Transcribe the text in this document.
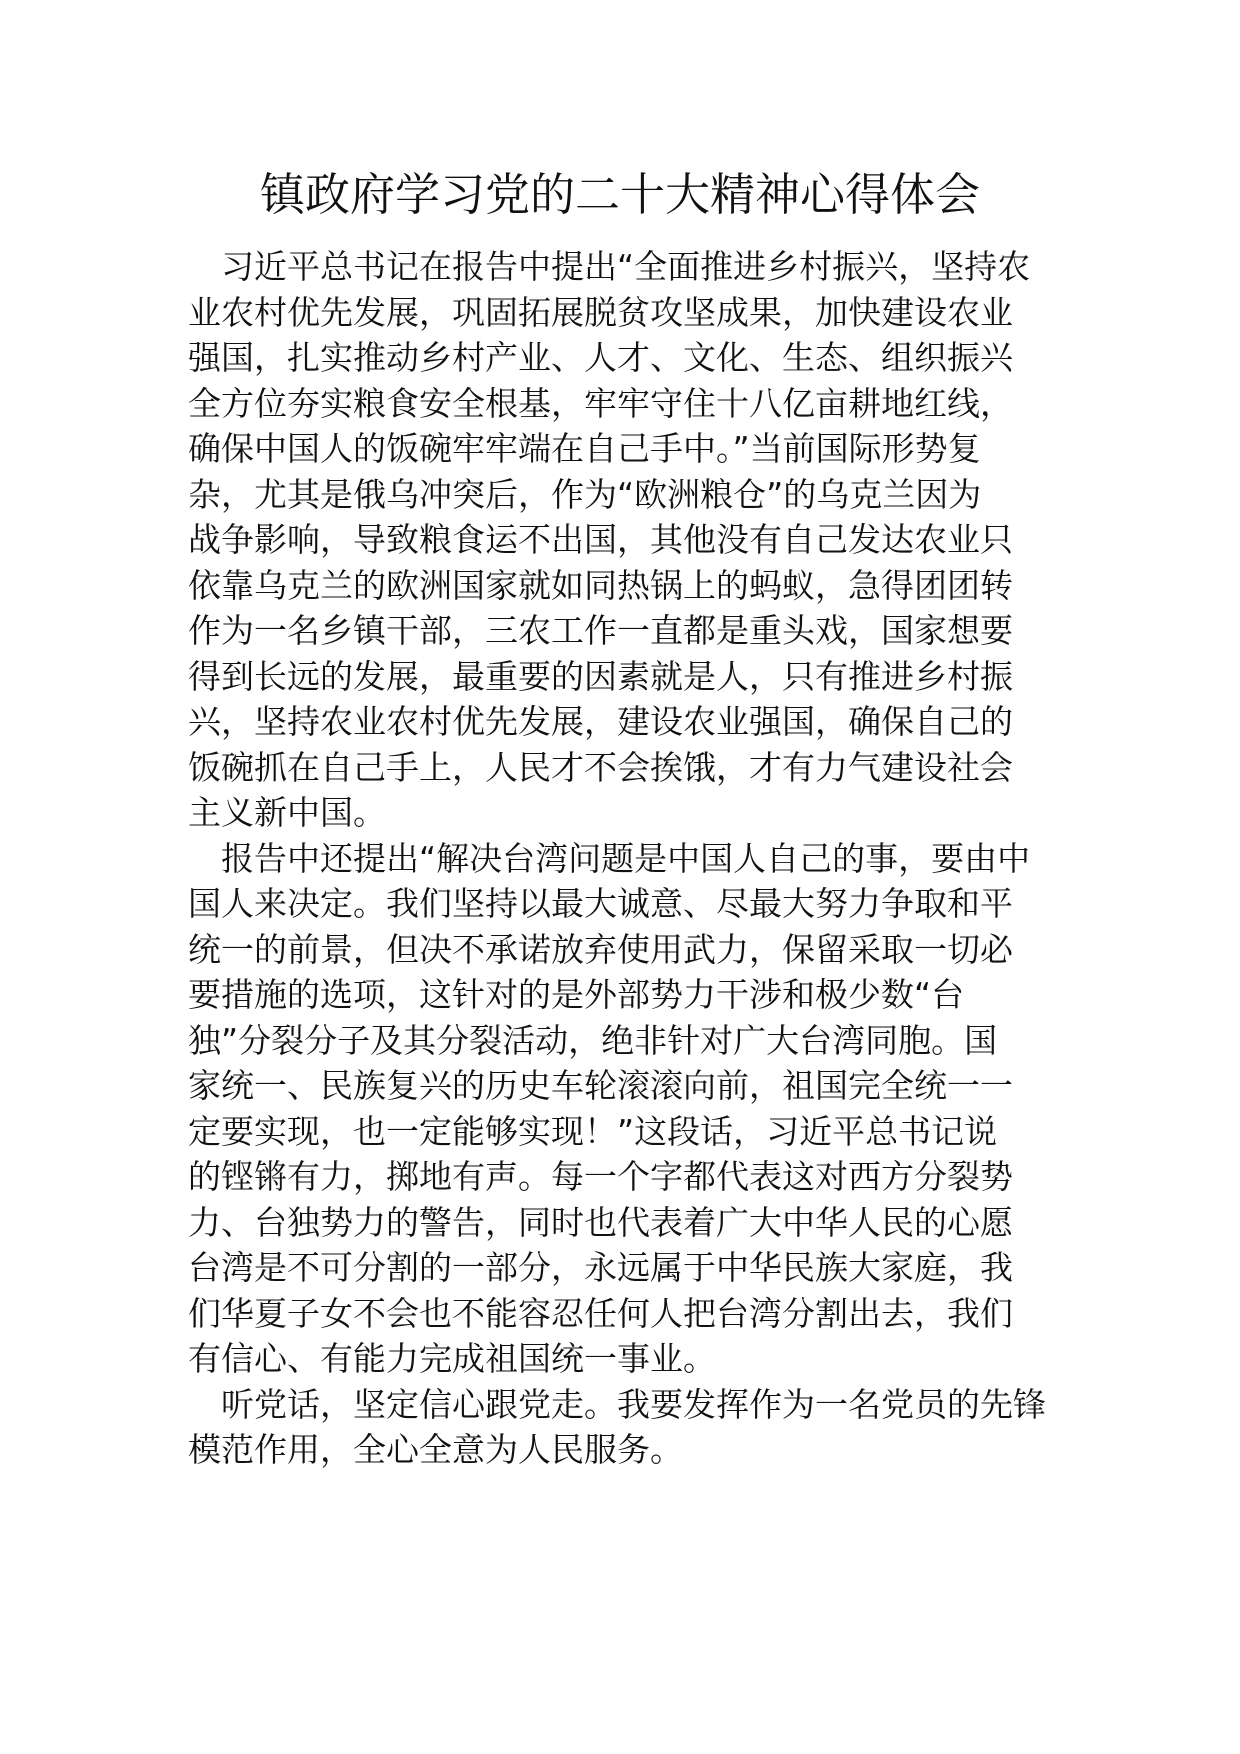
镇政府学习党的二十大精神心得体会
　习近平总书记在报告中提出“全面推进乡村振兴，坚持农
业农村优先发展，巩固拓展脱贫攻坚成果，加快建设农业
强国，扎实推动乡村产业、人才、文化、生态、组织振兴
全方位夯实粮食安全根基，牢牢守住十八亿亩耕地红线，
确保中国人的饭碗牢牢端在自己手中。”当前国际形势复
杂，尤其是俄乌冲突后，作为“欧洲粮仓”的乌克兰因为
战争影响，导致粮食运不出国，其他没有自己发达农业只
依靠乌克兰的欧洲国家就如同热锅上的蚂蚁，急得团团转
作为一名乡镇干部，三农工作一直都是重头戏，国家想要
得到长远的发展，最重要的因素就是人，只有推进乡村振
兴，坚持农业农村优先发展，建设农业强国，确保自己的
饭碗抓在自己手上，人民才不会挨饿，才有力气建设社会
主义新中国。
　报告中还提出“解决台湾问题是中国人自己的事，要由中
国人来决定。我们坚持以最大诚意、尽最大努力争取和平
统一的前景，但决不承诺放弃使用武力，保留采取一切必
要措施的选项，这针对的是外部势力干涉和极少数“台
独”分裂分子及其分裂活动，绝非针对广大台湾同胞。国
家统一、民族复兴的历史车轮滚滚向前，祖国完全统一一
定要实现，也一定能够实现！”这段话，习近平总书记说
的铿锵有力，掷地有声。每一个字都代表这对西方分裂势
力、台独势力的警告，同时也代表着广大中华人民的心愿
台湾是不可分割的一部分，永远属于中华民族大家庭，我
们华夏子女不会也不能容忍任何人把台湾分割出去，我们
有信心、有能力完成祖国统一事业。
　听党话，坚定信心跟党走。我要发挥作为一名党员的先锋
模范作用，全心全意为人民服务。
